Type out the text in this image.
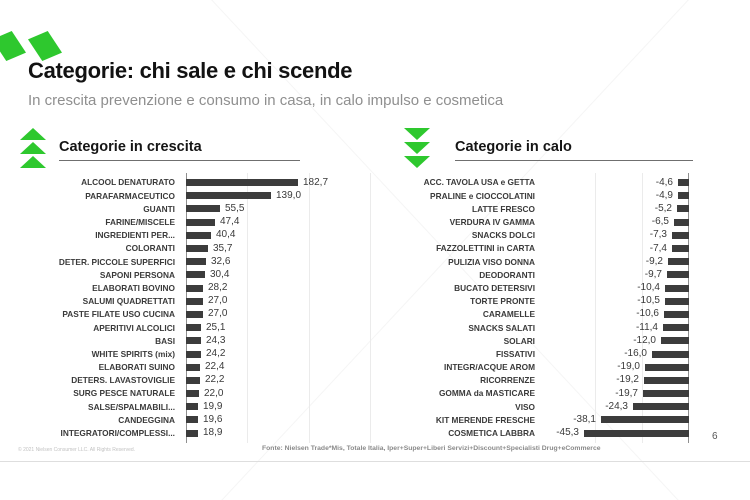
Categorie: chi sale e chi scende

In crescita prevenzione e consumo in casa, in calo impulso e cosmetica

Categorie in crescita	Categorie in calo
ALCOOL DENATURATO	182,7
PARAFARMACEUTICO	139,0
GUANTI	55,5
FARINE/MISCELE	47,4
INGREDIENTI PER...	40,4
COLORANTI	35,7
DETER. PICCOLE SUPERFICI	32,6
SAPONI PERSONA	30,4
ELABORATI BOVINO	28,2
SALUMI QUADRETTATI	27,0
PASTE FILATE USO CUCINA	27,0
APERITIVI ALCOLICI	25,1
BASI	24,3
WHITE SPIRITS (mix)	24,2
ELABORATI SUINO	22,4
DETERS. LAVASTOVIGLIE	22,2
SURG PESCE NATURALE	22,0
SALSE/SPALMABILI...	19,9
CANDEGGINA	19,6
INTEGRATORI/COMPLESSI...	18,9
ACC. TAVOLA USA e GETTA	-4,6
PRALINE e CIOCCOLATINI	-4,9
LATTE FRESCO	-5,2
VERDURA IV GAMMA	-6,5
SNACKS DOLCI	-7,3
FAZZOLETTINI in CARTA	-7,4
PULIZIA VISO DONNA	-9,2
DEODORANTI	-9,7
BUCATO DETERSIVI	-10,4
TORTE PRONTE	-10,5
CARAMELLE	-10,6
SNACKS SALATI	-11,4
SOLARI	-12,0
FISSATIVI	-16,0
INTEGR/ACQUE AROM	-19,0
RICORRENZE	-19,2
GOMMA da MASTICARE	-19,7
VISO	-24,3
KIT MERENDE FRESCHE	-38,1
COSMETICA LABBRA -45,3
© 2021 Nielsen Consumer LLC. All Rights Reserved.	Fonte: Nielsen Trade*Mis, Totale Italia, Iper+Super+Liberi Servizi+Discount+Specialisti Drug+eCommerce
6
